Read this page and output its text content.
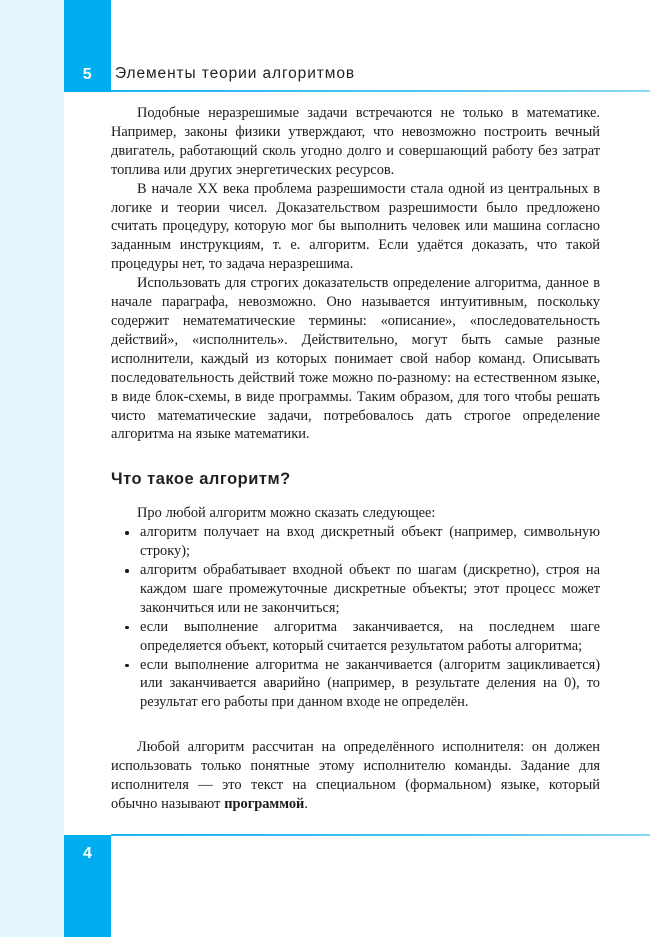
5	Элементы теории алгоритмов

Подобные неразрешимые задачи встречаются не только в математике. Например, законы физики утверждают, что невозможно построить вечный двигатель, работающий сколь угодно долго и совершающий работу без затрат топлива или других энергетических ресурсов.

В начале XX века проблема разрешимости стала одной из центральных в логике и теории чисел. Доказательством разрешимости было предложено считать процедуру, которую мог бы выполнить человек или машина согласно заданным инструкциям, т. е. алгоритм. Если удаётся доказать, что такой процедуры нет, то задача неразрешима.

Использовать для строгих доказательств определение алгоритма, данное в начале параграфа, невозможно. Оно называется интуитивным, поскольку содержит нематематические термины: «описание», «последовательность действий», «исполнитель». Действительно, могут быть самые разные исполнители, каждый из которых понимает свой набор команд. Описывать последовательность действий тоже можно по-разному: на естественном языке, в виде блок-схемы, в виде программы. Таким образом, для того чтобы решать чисто математические задачи, потребовалось дать строгое определение алгоритма на языке математики.

Что такое алгоритм?

Про любой алгоритм можно сказать следующее:

алгоритм получает на вход дискретный объект (например, символьную строку);
алгоритм обрабатывает входной объект по шагам (дискретно), строя на каждом шаге промежуточные дискретные объекты; этот процесс может закончиться или не закончиться;
если выполнение алгоритма заканчивается, на последнем шаге определяется объект, который считается результатом работы алгоритма;
если выполнение алгоритма не заканчивается (алгоритм зацикливается) или заканчивается аварийно (например, в результате деления на 0), то результат его работы при данном входе не определён.

Любой алгоритм рассчитан на определённого исполнителя: он должен использовать только понятные этому исполнителю команды. Задание для исполнителя — это текст на специальном (формальном) языке, который обычно называют программой.

4
